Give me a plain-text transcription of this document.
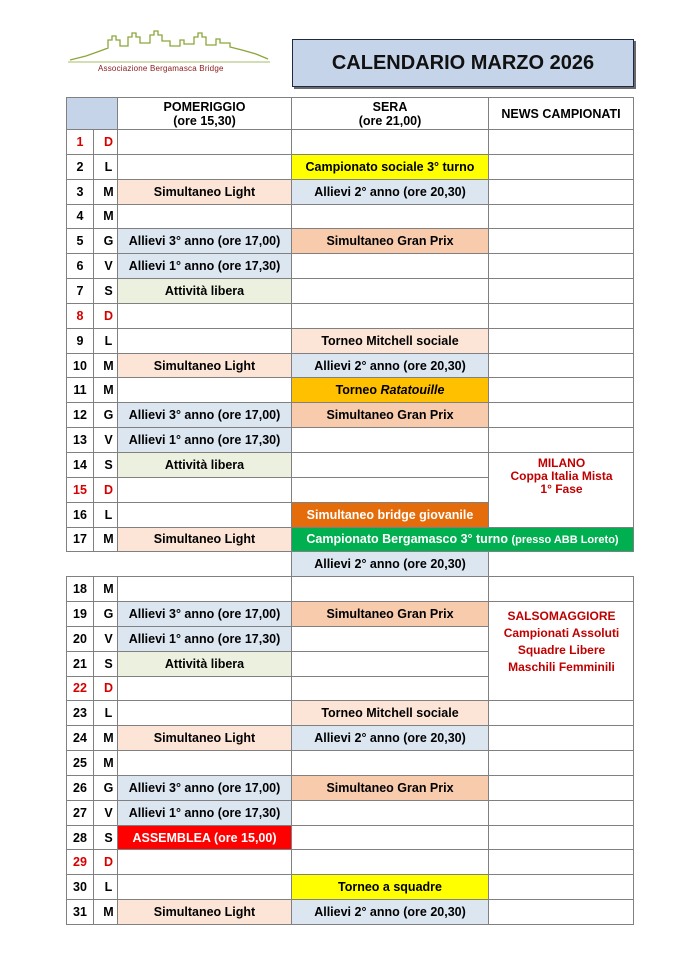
Associazione Bergamasca Bridge	CALENDARIO MARZO 2026
		POMERIGGIO
(ore 15,30)	SERA
(ore 21,00)	NEWS CAMPIONATI
1	D			
2	L		Campionato sociale 3° turno	
3	M	Simultaneo Light	Allievi 2° anno (ore 20,30)	
4	M			
5	G	Allievi 3° anno (ore 17,00)	Simultaneo Gran Prix	
6	V	Allievi 1° anno (ore 17,30)		
7	S	Attività libera		
8	D			
9	L		Torneo Mitchell sociale	
10	M	Simultaneo Light	Allievi 2° anno (ore 20,30)	
11	M		Torneo Ratatouille	
12	G	Allievi 3° anno (ore 17,00)	Simultaneo Gran Prix	
13	V	Allievi 1° anno (ore 17,30)		
14	S	Attività libera		MILANO
Coppa Italia Mista
1° Fase

15	D			
16	L		Simultaneo bridge giovanile	
17	M	Simultaneo Light	Campionato Bergamasco 3° turno (presso ABB Loreto)	
			Allievi 2° anno (ore 20,30)	
18	M			
19	G	Allievi 3° anno (ore 17,00)	Simultaneo Gran Prix	SALSOMAGGIORE
Campionati Assoluti
Squadre Libere
Maschili Femminili

20	V	Allievi 1° anno (ore 17,30)		
21	S	Attività libera		
22	D			
23	L		Torneo Mitchell sociale	
24	M	Simultaneo Light	Allievi 2° anno (ore 20,30)	
25	M			
26	G	Allievi 3° anno (ore 17,00)	Simultaneo Gran Prix	
27	V	Allievi 1° anno (ore 17,30)		
28	S	ASSEMBLEA (ore 15,00)		
29	D			
30	L		Torneo a squadre	
31	M	Simultaneo Light	Allievi 2° anno (ore 20,30)	
